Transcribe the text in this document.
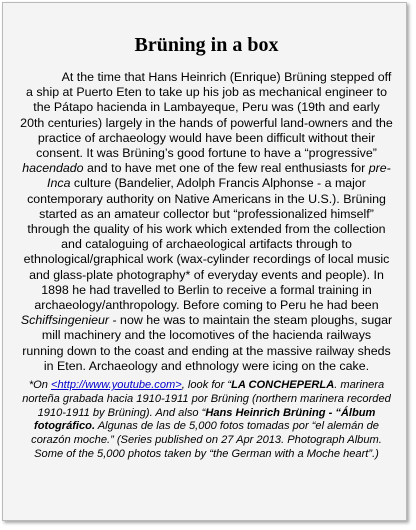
Brüning in a box

At the time that Hans Heinrich (Enrique) Brüning stepped off a ship at Puerto Eten to take up his job as mechanical engineer to the Pátapo hacienda in Lambayeque, Peru was (19th and early 20th centuries) largely in the hands of powerful land-owners and the practice of archaeology would have been difficult without their consent. It was Brüning’s good fortune to have a “progressive” hacendado and to have met one of the few real enthusiasts for pre-Inca culture (Bandelier, Adolph Francis Alphonse - a major contemporary authority on Native Americans in the U.S.). Brüning started as an amateur collector but “professionalized himself” through the quality of his work which extended from the collection and cataloguing of archaeological artifacts through to ethnological/graphical work (wax-cylinder recordings of local music and glass-plate photography* of everyday events and people). In 1898 he had travelled to Berlin to receive a formal training in archaeology/anthropology. Before coming to Peru he had been Schiffsingenieur - now he was to maintain the steam ploughs, sugar mill machinery and the locomotives of the hacienda railways running down to the coast and ending at the massive railway sheds in Eten. Archaeology and ethnology were icing on the cake.

*On <http://www.youtube.com>, look for “LA CONCHEPERLA. marinera norteña grabada hacia 1910-1911 por Brüning (northern marinera recorded 1910-1911 by Brüning). And also “Hans Heinrich Brüning - “Álbum fotográfico. Algunas de las de 5,000 fotos tomadas por “el alemán de corazón moche.” (Series published on 27 Apr 2013. Photograph Album. Some of the 5,000 photos taken by “the German with a Moche heart”.)
